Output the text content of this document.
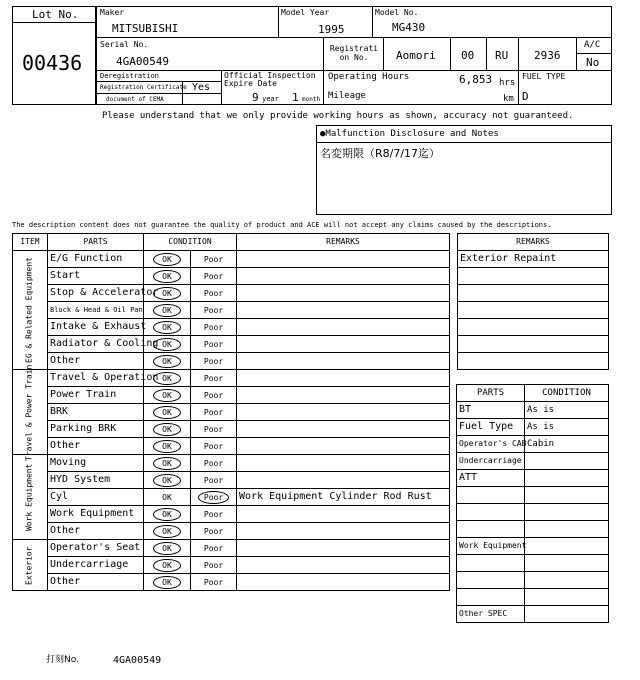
Lot No.
00436
Maker
MITSUBISHI
Model Year
1995
Model No.
MG430
Serial No.
4GA00549
Registrati on No.	Aomori 00 RU 2936
A/C
No
Deregistration
Registration Certificate Yes
document of CEMA
Official Inspection Expire Date
9 year 1 month
Operating Hours	6,853 hrs
Mileage	km
FUEL TYPE
D
Please understand that we only provide working hours as shown, accuracy not guaranteed.
●Malfunction Disclosure and Notes
名変期限（R8/7/17迄）
The description content does not guarantee the quality of product and ACE will not accept any claims caused by the descriptions.
ITEM	PARTS	CONDITION		REMARKS

EG & Related Equipment	E/G Function	OK	Poor	
	Start	OK	Poor	
	Stop & Accelerator	OK	Poor	
	Block & Head & Oil Pan	OK	Poor	
	Intake & Exhaust	OK	Poor	
	Radiator & Cooling	OK	Poor	
	Other	OK	Poor	

Travel & Power Train	Travel & Operation	OK	Poor	
	Power Train	OK	Poor	
	BRK	OK	Poor	
	Parking BRK	OK	Poor	
	Other	OK	Poor	

Work Equipment	Moving	OK	Poor	
	HYD System	OK	Poor	
	Cyl	OK	Poor	Work Equipment Cylinder Rod Rust
	Work Equipment	OK	Poor	
	Other	OK	Poor	

Exterior	Operator's Seat	OK	Poor	
	Undercarriage	OK	Poor	
	Other	OK	Poor	
REMARKS
Exterior Repaint

PARTS	CONDITION
BT	As is
Fuel Type	As is
Operator's CAB	Cabin
Undercarriage	
ATT	

Work Equipment	

Other SPEC	
打刻No.	4GA00549
